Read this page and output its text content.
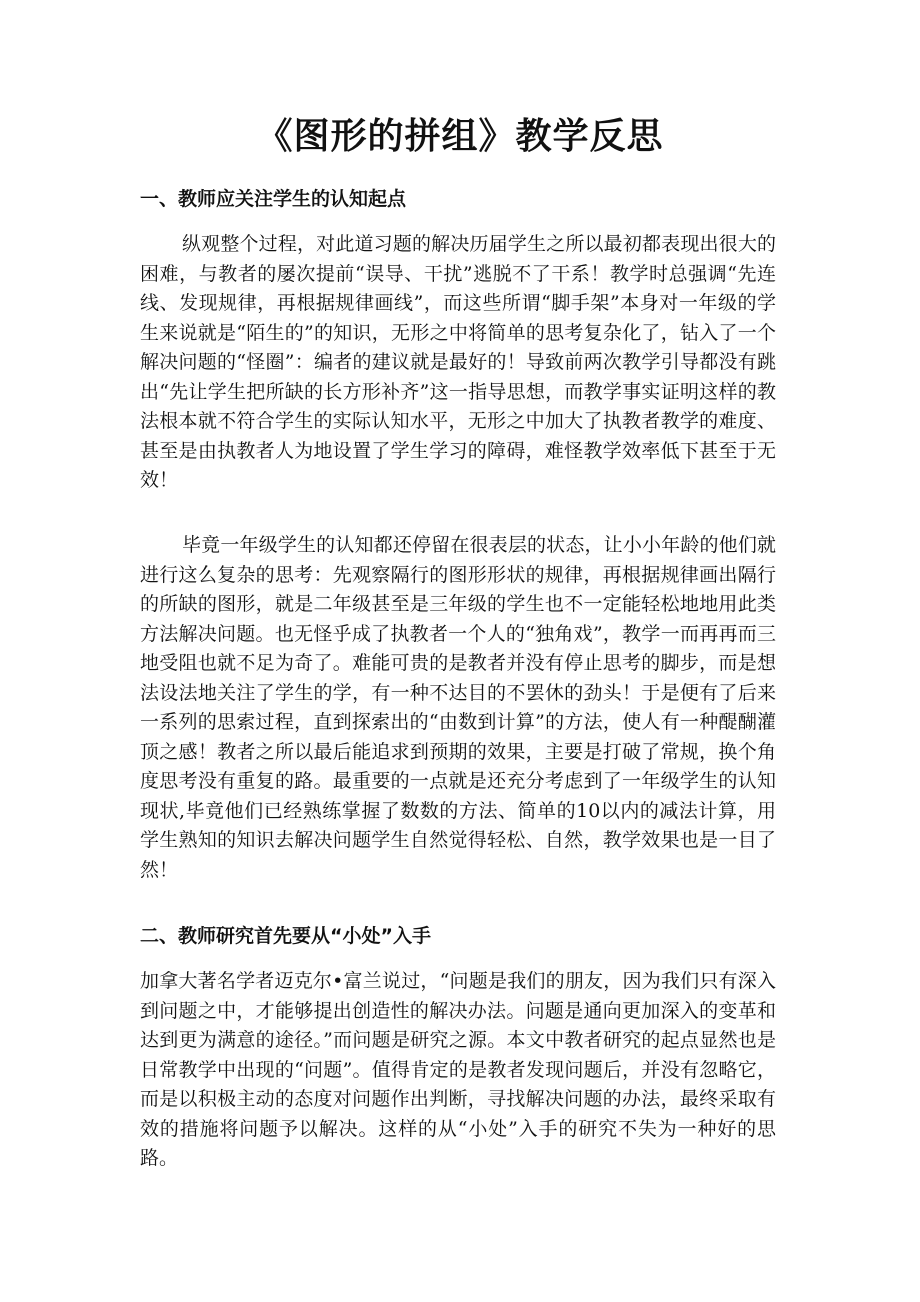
《图形的拼组》教学反思
一、教师应关注学生的认知起点

纵观整个过程，对此道习题的解决历届学生之所以最初都表现出很大的困难，与教者的屡次提前“误导、干扰”逃脱不了干系！教学时总强调“先连线、发现规律，再根据规律画线”，而这些所谓“脚手架”本身对一年级的学生来说就是“陌生的”的知识，无形之中将简单的思考复杂化了，钻入了一个解决问题的“怪圈”：编者的建议就是最好的！导致前两次教学引导都没有跳出“先让学生把所缺的长方形补齐”这一指导思想，而教学事实证明这样的教法根本就不符合学生的实际认知水平，无形之中加大了执教者教学的难度、甚至是由执教者人为地设置了学生学习的障碍，难怪教学效率低下甚至于无效！

毕竟一年级学生的认知都还停留在很表层的状态，让小小年龄的他们就进行这么复杂的思考：先观察隔行的图形形状的规律，再根据规律画出隔行的所缺的图形，就是二年级甚至是三年级的学生也不一定能轻松地地用此类方法解决问题。也无怪乎成了执教者一个人的“独角戏”，教学一而再再而三地受阻也就不足为奇了。难能可贵的是教者并没有停止思考的脚步，而是想法设法地关注了学生的学，有一种不达目的不罢休的劲头！于是便有了后来一系列的思索过程，直到探索出的“由数到计算”的方法，使人有一种醍醐灌顶之感！教者之所以最后能追求到预期的效果，主要是打破了常规，换个角度思考没有重复的路。最重要的一点就是还充分考虑到了一年级学生的认知现状,毕竟他们已经熟练掌握了数数的方法、简单的10以内的减法计算，用学生熟知的知识去解决问题学生自然觉得轻松、自然，教学效果也是一目了然！

二、教师研究首先要从“小处”入手

加拿大著名学者迈克尔•富兰说过，“问题是我们的朋友，因为我们只有深入到问题之中，才能够提出创造性的解决办法。问题是通向更加深入的变革和达到更为满意的途径。”而问题是研究之源。本文中教者研究的起点显然也是日常教学中出现的“问题”。值得肯定的是教者发现问题后，并没有忽略它，而是以积极主动的态度对问题作出判断，寻找解决问题的办法，最终采取有效的措施将问题予以解决。这样的从“小处”入手的研究不失为一种好的思路。
